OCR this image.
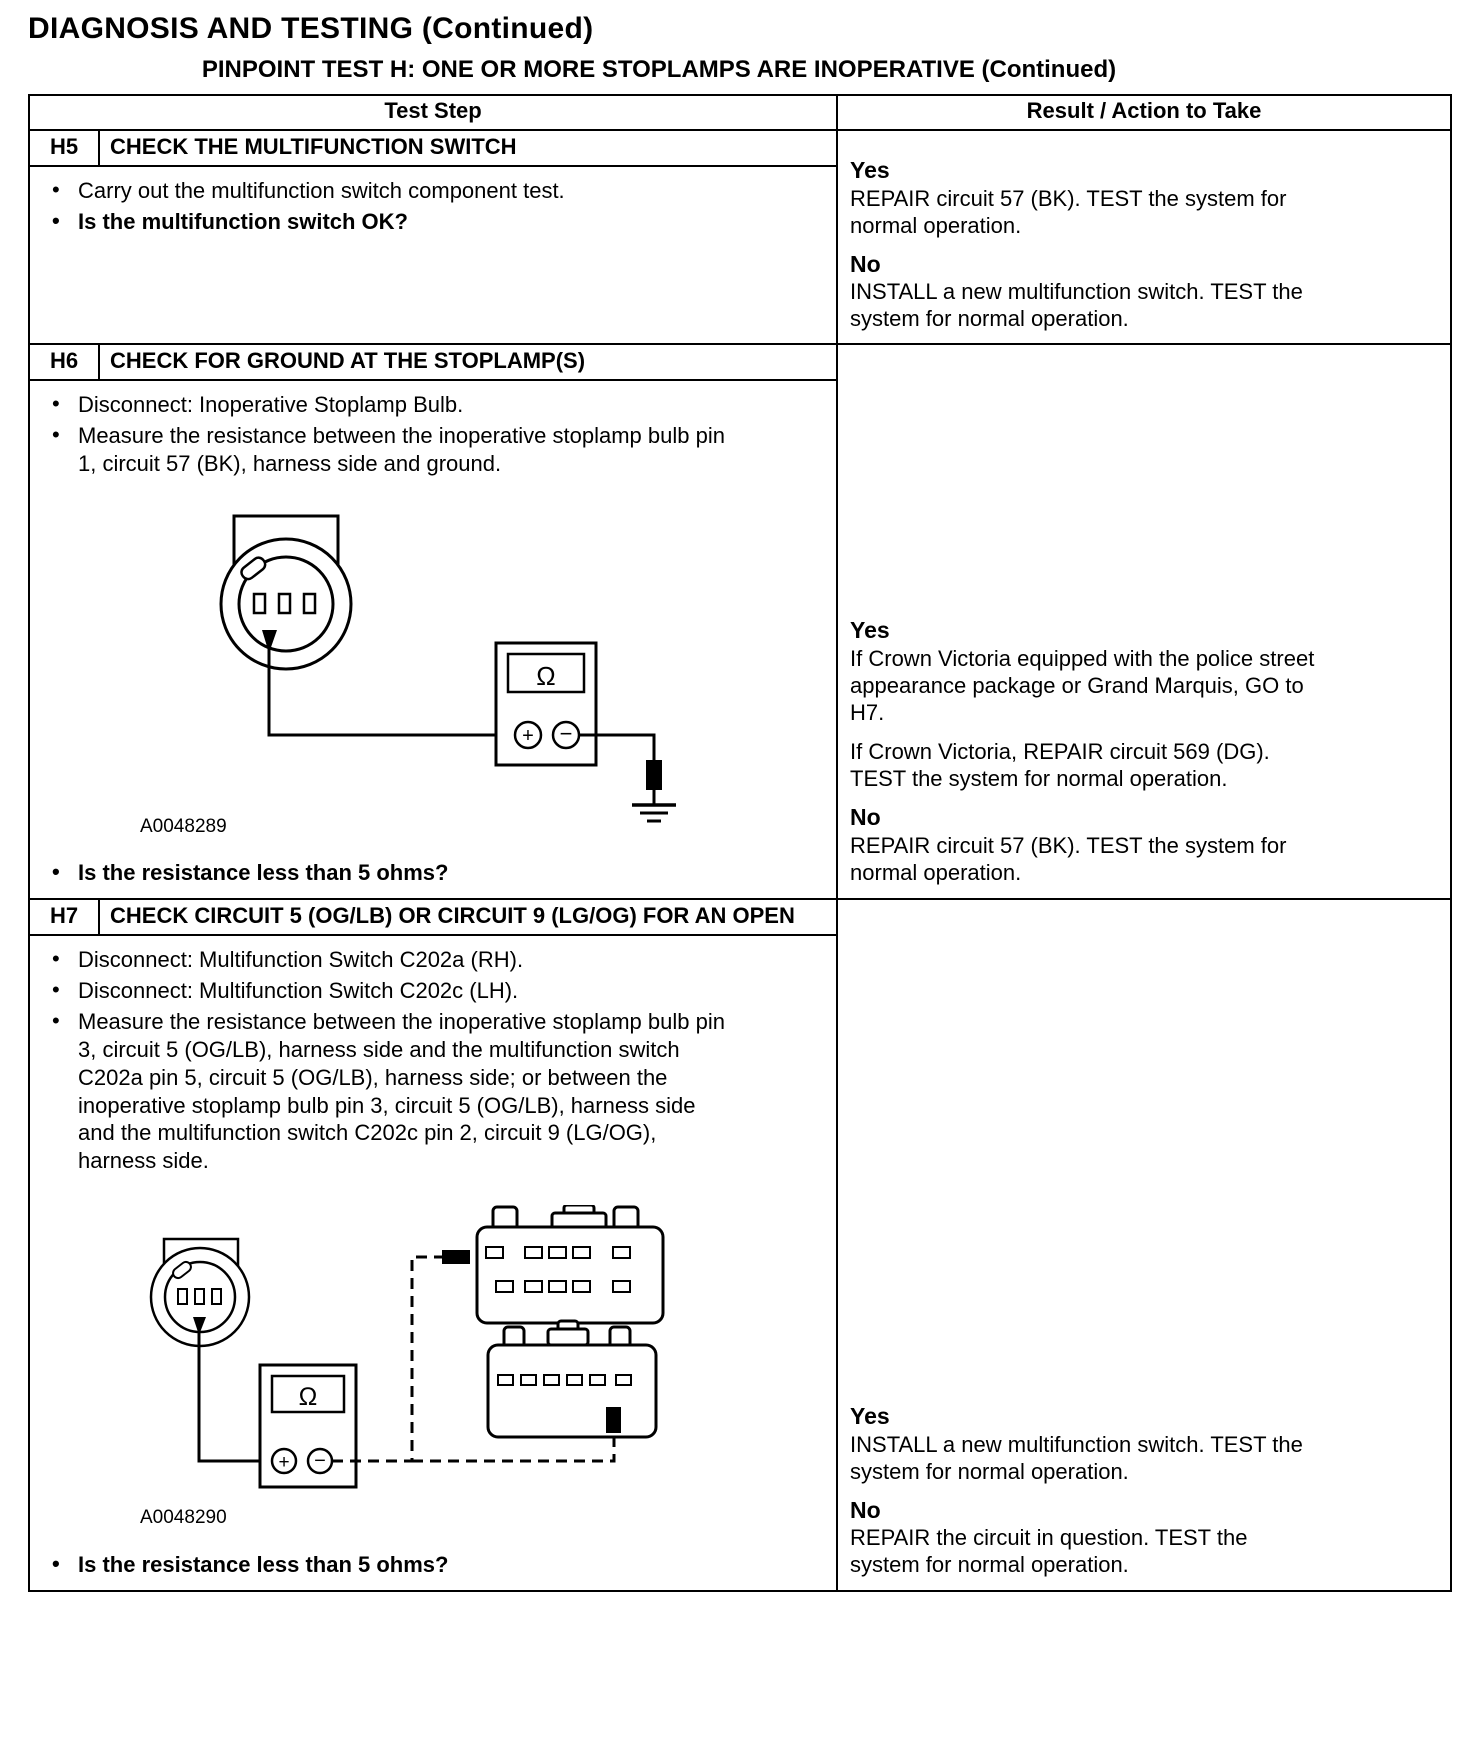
DIAGNOSIS AND TESTING (Continued)
PINPOINT TEST H: ONE OR MORE STOPLAMPS ARE INOPERATIVE (Continued)
Test Step		Result / Action to Take
H5	CHECK THE MULTIFUNCTION SWITCH	Yes
REPAIR circuit 57 (BK). TEST the system for normal operation.
No
INSTALL a new multifunction switch. TEST the system for normal operation.

• Carry out the multifunction switch component test.
• Is the multifunction switch OK?

H6	CHECK FOR GROUND AT THE STOPLAMP(S)	Yes
If Crown Victoria equipped with the police street appearance package or Grand Marquis, GO to H7.
If Crown Victoria, REPAIR circuit 569 (DG). TEST the system for normal operation.
No
REPAIR circuit 57 (BK). TEST the system for normal operation.

• Disconnect: Inoperative Stoplamp Bulb.
• Measure the resistance between the inoperative stoplamp bulb pin 1, circuit 57 (BK), harness side and ground.
Ω
+ −
A0048289
• Is the resistance less than 5 ohms?

H7	CHECK CIRCUIT 5 (OG/LB) OR CIRCUIT 9 (LG/OG) FOR AN OPEN	Yes
INSTALL a new multifunction switch. TEST the system for normal operation.
No
REPAIR the circuit in question. TEST the system for normal operation.

• Disconnect: Multifunction Switch C202a (RH).
• Disconnect: Multifunction Switch C202c (LH).
• Measure the resistance between the inoperative stoplamp bulb pin 3, circuit 5 (OG/LB), harness side and the multifunction switch C202a pin 5, circuit 5 (OG/LB), harness side; or between the inoperative stoplamp bulb pin 3, circuit 5 (OG/LB), harness side and the multifunction switch C202c pin 2, circuit 9 (LG/OG), harness side.
Ω
+ −
A0048290
• Is the resistance less than 5 ohms?
